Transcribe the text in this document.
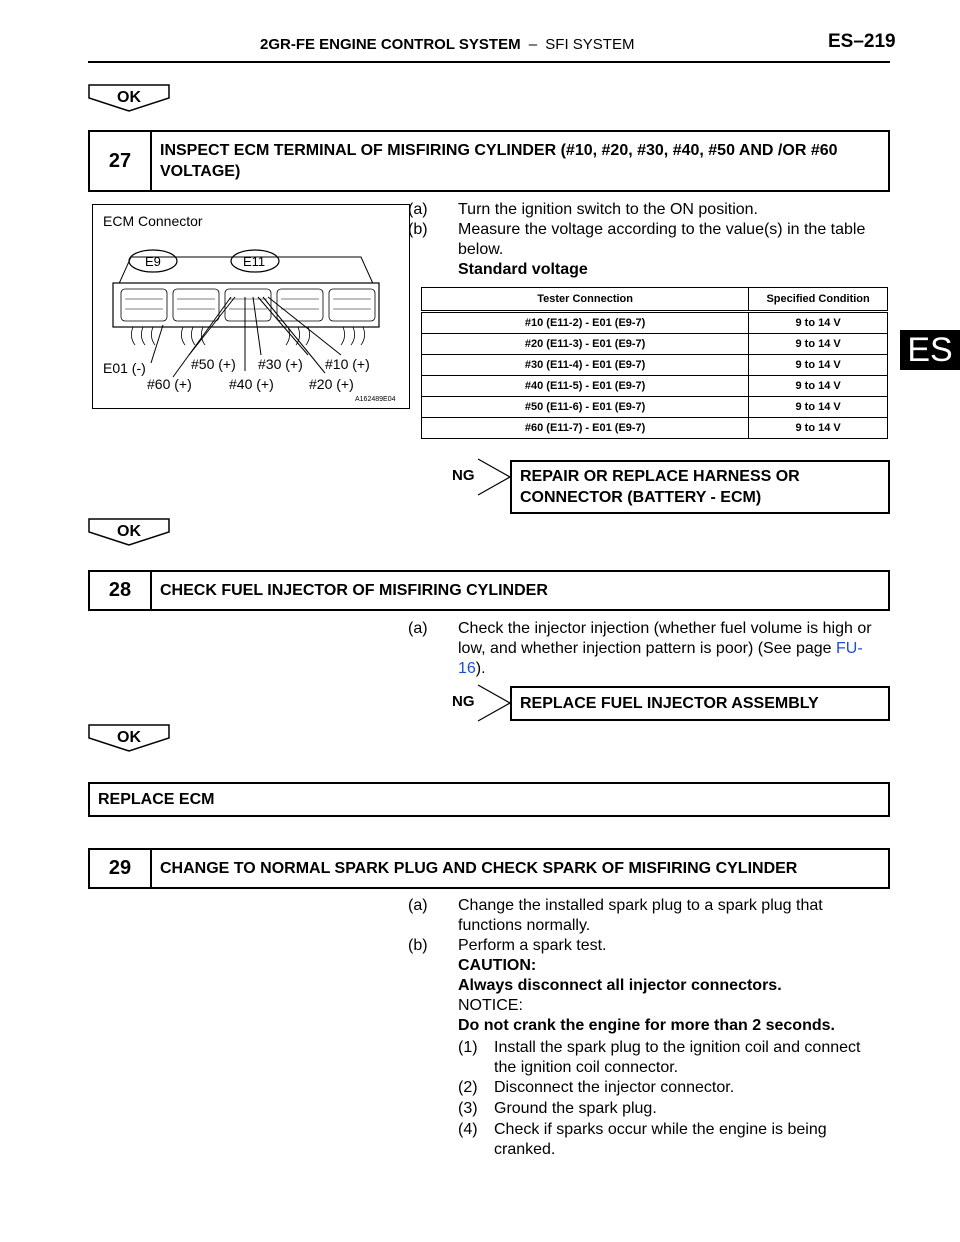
2GR-FE ENGINE CONTROL SYSTEM – SFI SYSTEM	ES–219
ES
OK
27	INSPECT ECM TERMINAL OF MISFIRING CYLINDER (#10, #20, #30, #40, #50 AND /OR #60 VOLTAGE)
ECM Connector
E9	E11
E01 (-)	#50 (+) #30 (+) #10 (+)
#60 (+)	#40 (+)	#20 (+)
A162489E04
(a) Turn the ignition switch to the ON position.
(b) Measure the voltage according to the value(s) in the table below.
Standard voltage
Tester Connection	Specified Condition
#10 (E11-2) - E01 (E9-7)	9 to 14 V
#20 (E11-3) - E01 (E9-7)	9 to 14 V
#30 (E11-4) - E01 (E9-7)	9 to 14 V
#40 (E11-5) - E01 (E9-7)	9 to 14 V
#50 (E11-6) - E01 (E9-7)	9 to 14 V
#60 (E11-7) - E01 (E9-7)	9 to 14 V
NG	REPAIR OR REPLACE HARNESS OR CONNECTOR (BATTERY - ECM)
OK
28	CHECK FUEL INJECTOR OF MISFIRING CYLINDER
(a) Check the injector injection (whether fuel volume is high or low, and whether injection pattern is poor) (See page FU-16).
NG	REPLACE FUEL INJECTOR ASSEMBLY
OK
REPLACE ECM
29	CHANGE TO NORMAL SPARK PLUG AND CHECK SPARK OF MISFIRING CYLINDER
(a) Change the installed spark plug to a spark plug that functions normally.
(b) Perform a spark test.
CAUTION:
Always disconnect all injector connectors.
NOTICE:
Do not crank the engine for more than 2 seconds.
(1) Install the spark plug to the ignition coil and connect the ignition coil connector.
(2) Disconnect the injector connector.
(3) Ground the spark plug.
(4) Check if sparks occur while the engine is being cranked.
